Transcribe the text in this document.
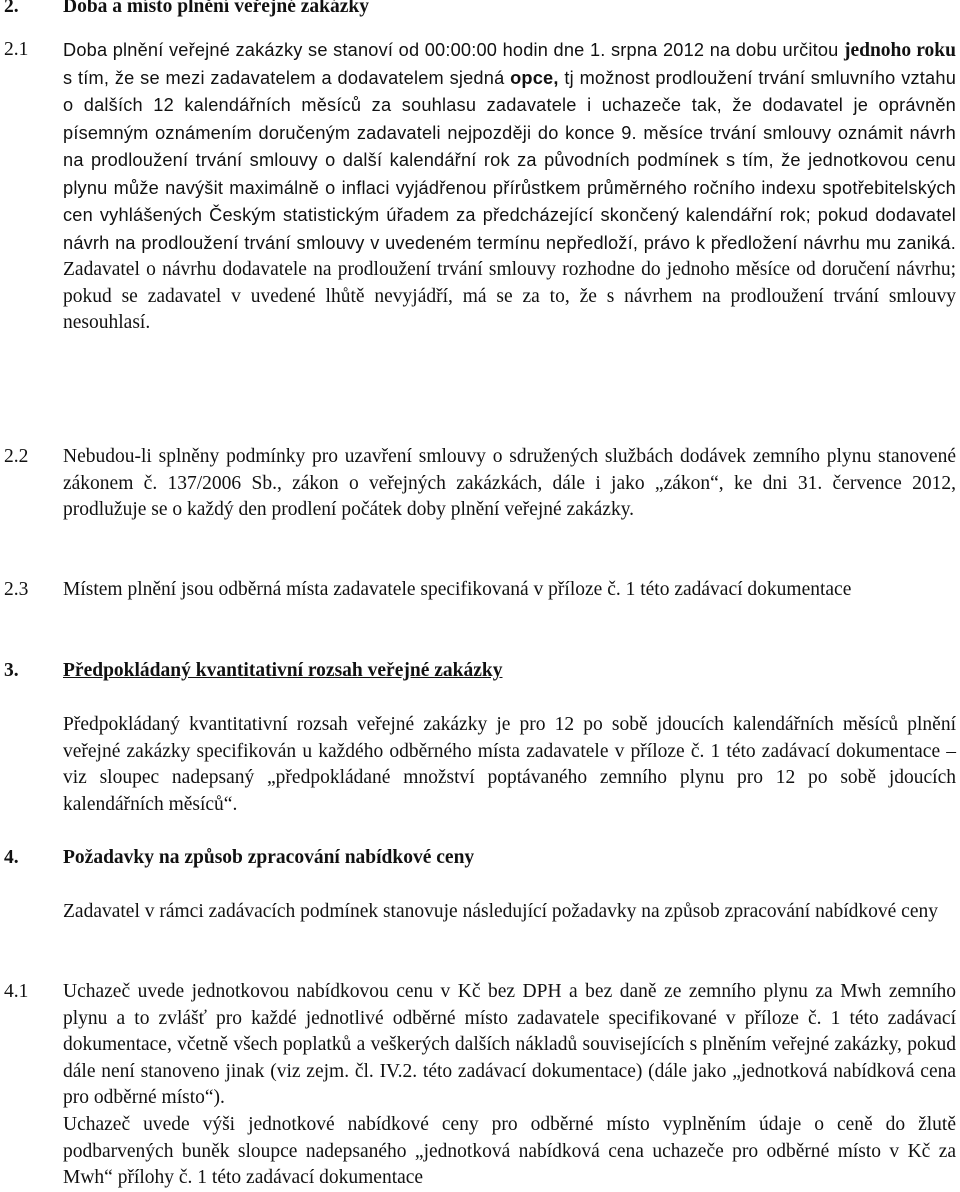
2. Doba a místo plnění veřejné zakázky
2.1 Doba plnění veřejné zakázky se stanoví od 00:00:00 hodin dne 1. srpna 2012 na dobu určitou jednoho roku s tím, že se mezi zadavatelem a dodavatelem sjedná opce, tj možnost prodloužení trvání smluvního vztahu o dalších 12 kalendářních měsíců za souhlasu zadavatele i uchazeče tak, že dodavatel je oprávněn písemným oznámením doručeným zadavateli nejpozději do konce 9. měsíce trvání smlouvy oznámit návrh na prodloužení trvání smlouvy o další kalendářní rok za původních podmínek s tím, že jednotkovou cenu plynu může navýšit maximálně o inflaci vyjádřenou přírůstkem průměrného ročního indexu spotřebitelských cen vyhlášených Českým statistickým úřadem za předcházející skončený kalendářní rok; pokud dodavatel návrh na prodloužení trvání smlouvy v uvedeném termínu nepředloží, právo k předložení návrhu mu zaniká. Zadavatel o návrhu dodavatele na prodloužení trvání smlouvy rozhodne do jednoho měsíce od doručení návrhu; pokud se zadavatel v uvedené lhůtě nevyjádří, má se za to, že s návrhem na prodloužení trvání smlouvy nesouhlasí.
2.2 Nebudou-li splněny podmínky pro uzavření smlouvy o sdružených službách dodávek zemního plynu stanovené zákonem č. 137/2006 Sb., zákon o veřejných zakázkách, dále i jako „zákon“, ke dni 31. července 2012, prodlužuje se o každý den prodlení počátek doby plnění veřejné zakázky.
2.3 Místem plnění jsou odběrná místa zadavatele specifikovaná v příloze č. 1 této zadávací dokumentace
3. Předpokládaný kvantitativní rozsah veřejné zakázky
Předpokládaný kvantitativní rozsah veřejné zakázky je pro 12 po sobě jdoucích kalendářních měsíců plnění veřejné zakázky specifikován u každého odběrného místa zadavatele v příloze č. 1 této zadávací dokumentace –viz sloupec nadepsaný „předpokládané množství poptávaného zemního plynu pro 12 po sobě jdoucích kalendářních měsíců“.
4. Požadavky na způsob zpracování nabídkové ceny
Zadavatel v rámci zadávacích podmínek stanovuje následující požadavky na způsob zpracování nabídkové ceny
4.1 Uchazeč uvede jednotkovou nabídkovou cenu v Kč bez DPH a bez daně ze zemního plynu za Mwh zemního plynu a to zvlášť pro každé jednotlivé odběrné místo zadavatele specifikované v příloze č. 1 této zadávací dokumentace, včetně všech poplatků a veškerých dalších nákladů souvisejících s plněním veřejné zakázky, pokud dále není stanoveno jinak (viz zejm. čl. IV.2. této zadávací dokumentace) (dále jako „jednotková nabídková cena pro odběrné místo“).
Uchazeč uvede výši jednotkové nabídkové ceny pro odběrné místo vyplněním údaje o ceně do žlutě podbarvených buněk sloupce nadepsaného „jednotková nabídková cena uchazeče pro odběrné místo v Kč za Mwh“ přílohy č. 1 této zadávací dokumentace
